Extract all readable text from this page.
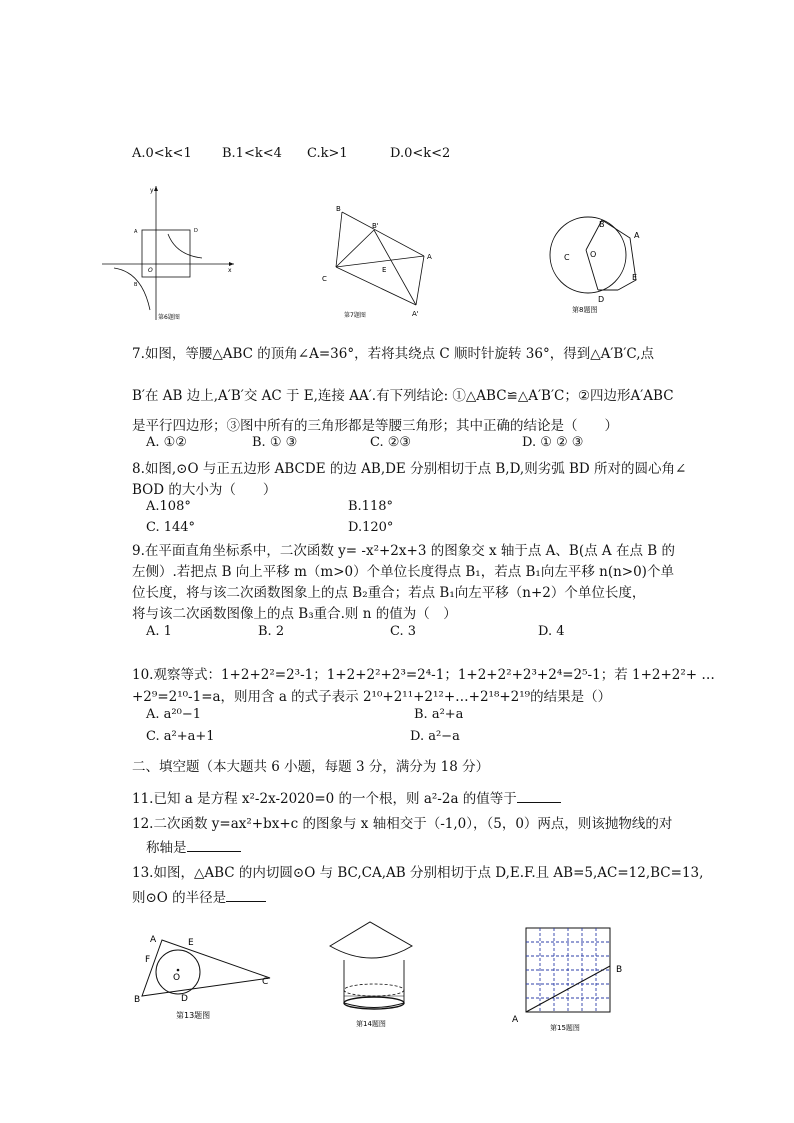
A.0<k<1 B.1<k<4 C.k>1	D.0<k<2
y
x
O
A
B
D
第6题图
B
B'
A
C
E
A'
第7题图
B
A
C	O
E
D
第8题图
7.如图，等腰△ABC 的顶角∠A=36°，若将其绕点 C 顺时针旋转 36°，得到△A′B′C,点
B′在 AB 边上,A′B′交 AC 于 E,连接 AA′.有下列结论: ①△ABC≌△A′B′C；②四边形A′ABC
是平行四边形；③图中所有的三角形都是等腰三角形；其中正确的结论是（　　）
A. ①②	B. ① ③	C. ②③	D. ① ② ③
8.如图,⊙O 与正五边形 ABCDE 的边 AB,DE 分别相切于点 B,D,则劣弧 BD 所对的圆心角∠
BOD 的大小为（　　）
A.108°	B.118°
C. 144°	D.120°
9.在平面直角坐标系中，二次函数 y= -x²+2x+3 的图象交 x 轴于点 A、B(点 A 在点 B 的
左侧）.若把点 B 向上平移 m（m>0）个单位长度得点 B₁，若点 B₁向左平移 n(n>0)个单
位长度，将与该二次函数图象上的点 B₂重合；若点 B₁向左平移（n+2）个单位长度，
将与该二次函数图像上的点 B₃重合.则 n 的值为（　）
A. 1	B. 2	C. 3	D. 4
10.观察等式：1+2+2²=2³-1；1+2+2²+2³=2⁴-1；1+2+2²+2³+2⁴=2⁵-1；若 1+2+2²+ …
+2⁹=2¹⁰-1=a，则用含 a 的式子表示 2¹⁰+2¹¹+2¹²+…+2¹⁸+2¹⁹的结果是（）
A. a²⁰−1	B. a²+a
C. a²+a+1	D. a²−a
二、填空题（本大题共 6 小题，每题 3 分，满分为 18 分）
11.已知 a 是方程 x²-2x-2020=0 的一个根，则 a²-2a 的值等于
12.二次函数 y=ax²+bx+c 的图象与 x 轴相交于（-1,0），（5，0）两点，则该抛物线的对
称轴是
13.如图，△ABC 的内切圆⊙O 与 BC,CA,AB 分别相切于点 D,E.F.且 AB=5,AC=12,BC=13,
则⊙O 的半径是
A	E
F
O	C
B	D
第13题图
第14题图	A
B
第15题图
